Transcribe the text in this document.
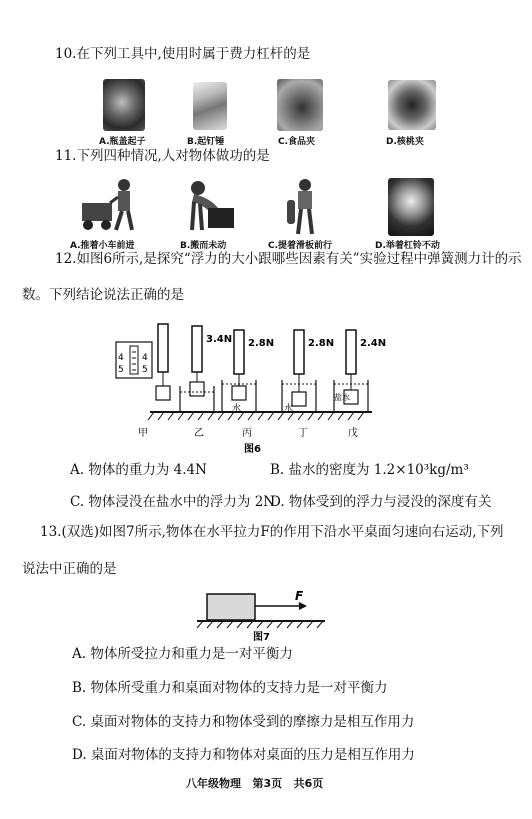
10.在下列工具中,使用时属于费力杠杆的是
A.瓶盖起子	B.起钉锤	C.食品夹	D.核桃夹
11.下列四种情况,人对物体做功的是
A.推着小车前进	B.搬而未动	C.提着滑板前行	D.举着杠铃不动
12.如图6所示,是探究“浮力的大小跟哪些因素有关”实验过程中弹簧测力计的示
数。下列结论说法正确的是
4 4
5 5
3.4N 2.8N
水
2.8N
水
2.4N
盐水
甲	乙	丙	丁	戊
图6
A. 物体的重力为 4.4N	B. 盐水的密度为 1.2×10³kg/m³
C. 物体浸没在盐水中的浮力为 2N
D. 物体受到的浮力与浸没的深度有关
13.(双选)如图7所示,物体在水平拉力F的作用下沿水平桌面匀速向右运动,下列
说法中正确的是
F
图7
A. 物体所受拉力和重力是一对平衡力
B. 物体所受重力和桌面对物体的支持力是一对平衡力
C. 桌面对物体的支持力和物体受到的摩擦力是相互作用力
D. 桌面对物体的支持力和物体对桌面的压力是相互作用力
八年级物理   第3页   共6页
